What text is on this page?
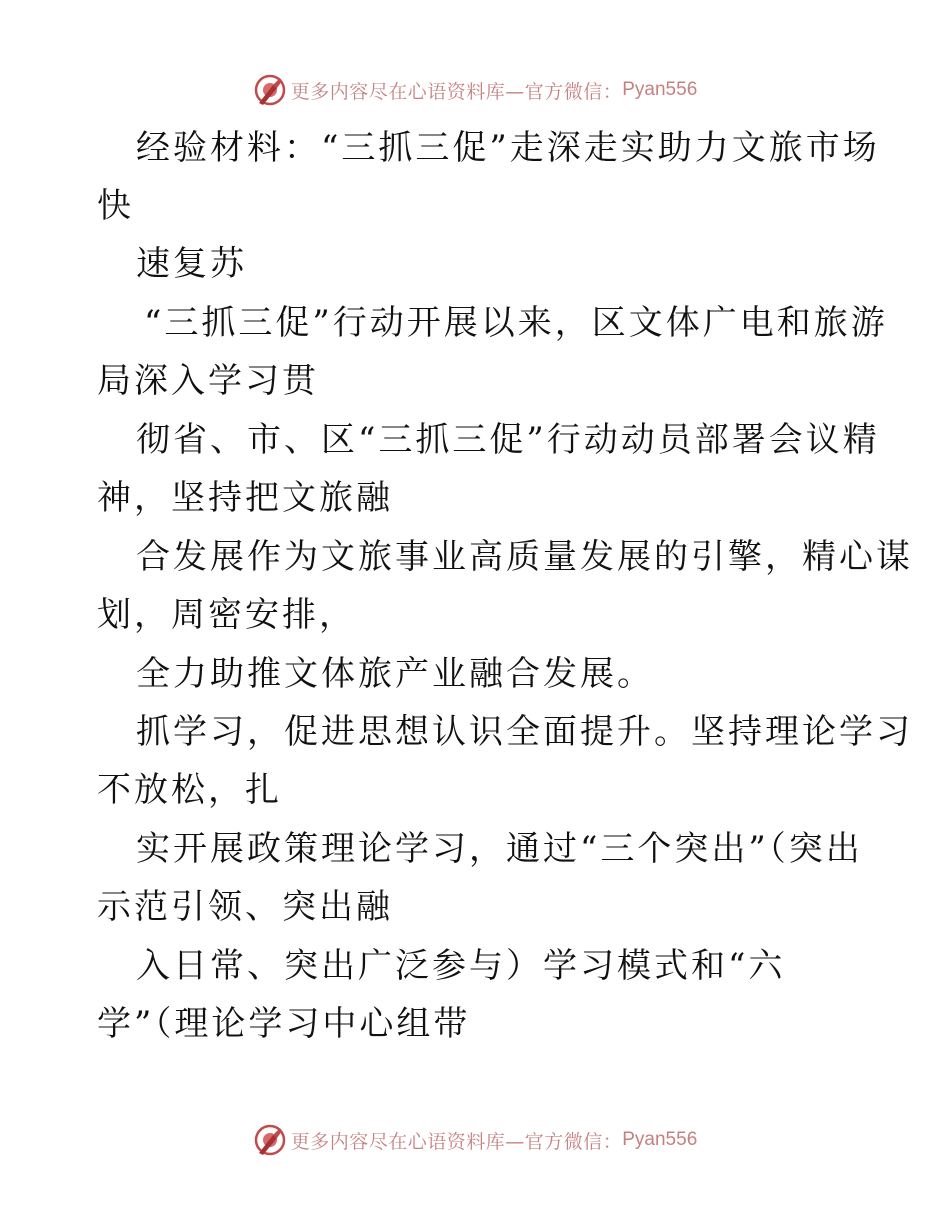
更多内容尽在心语资料库—官方微信： Pyan556
经验材料：“三抓三促”走深走实助力文旅市场
快
速复苏
“三抓三促”行动开展以来，区文体广电和旅游
局深入学习贯
彻省、市、区“三抓三促”行动动员部署会议精
神，坚持把文旅融
合发展作为文旅事业高质量发展的引擎，精心谋
划，周密安排，
全力助推文体旅产业融合发展。
抓学习，促进思想认识全面提升。坚持理论学习
不放松，扎
实开展政策理论学习，通过“三个突出”（突出
示范引领、突出融
入日常、突出广泛参与）学习模式和“六
学”（理论学习中心组带
更多内容尽在心语资料库—官方微信： Pyan556
